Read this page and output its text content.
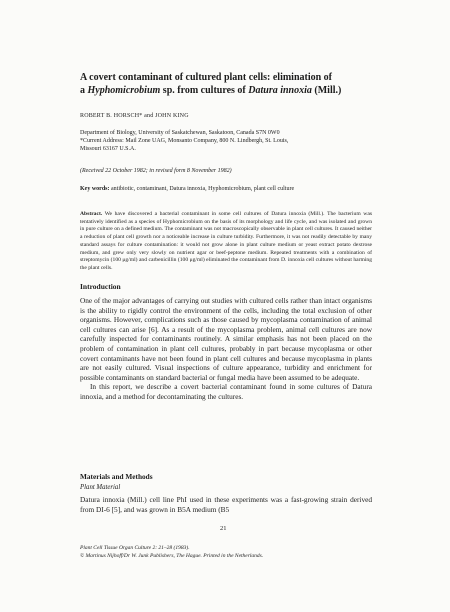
A covert contaminant of cultured plant cells: elimination of
a Hyphomicrobium sp. from cultures of Datura innoxia (Mill.)
ROBERT B. HORSCH* and JOHN KING
Department of Biology, University of Saskatchewan, Saskatoon, Canada S7N 0W0
*Current Address: Mail Zone UAG, Monsanto Company, 800 N. Lindbergh, St. Louis,
Missouri 63167 U.S.A.
(Received 22 October 1982; in revised form 8 November 1982)
Key words: antibiotic, contaminant, Datura innoxia, Hyphomicrobium, plant cell culture
Abstract. We have discovered a bacterial contaminant in some cell cultures of Datura innoxia (Mill.). The bacterium was tentatively identified as a species of Hyphomicrobium on the basis of its morphology and life cycle, and was isolated and grown in pure culture on a defined medium. The contaminant was not macroscopically observable in plant cell cultures. It caused neither a reduction of plant cell growth nor a noticeable increase in culture turbidity. Furthermore, it was not readily detectable by many standard assays for culture contamination: it would not grow alone in plant culture medium or yeast extract potato dextrose medium, and grew only very slowly on nutrient agar or beef-peptone medium. Repeated treatments with a combination of streptomycin (100 μg/ml) and carbenicillin (100 μg/ml) eliminated the contaminant from D. innoxia cell cultures without harming the plant cells.
Introduction

One of the major advantages of carrying out studies with cultured cells rather than intact organisms is the ability to rigidly control the environment of the cells, including the total exclusion of other organisms. However, complications such as those caused by mycoplasma contamination of animal cell cultures can arise [6]. As a result of the mycoplasma problem, animal cell cultures are now carefully inspected for contaminants routinely. A similar emphasis has not been placed on the problem of contamination in plant cell cultures, probably in part because mycoplasma or other covert contaminants have not been found in plant cell cultures and because mycoplasma in plants are not easily cultured. Visual inspections of culture appearance, turbidity and enrichment for possible contaminants on standard bacterial or fungal media have been assumed to be adequate.

In this report, we describe a covert bacterial contaminant found in some cultures of Datura innoxia, and a method for decontaminating the cultures.

Materials and Methods
Plant Material
Datura innoxia (Mill.) cell line PhI used in these experiments was a fast-growing strain derived from DI-6 [5], and was grown in B5A medium (B5
21
Plant Cell Tissue Organ Culture 2: 21–28 (1983).
© Martinus Nijhoff/Dr W. Junk Publishers, The Hague. Printed in the Netherlands.
